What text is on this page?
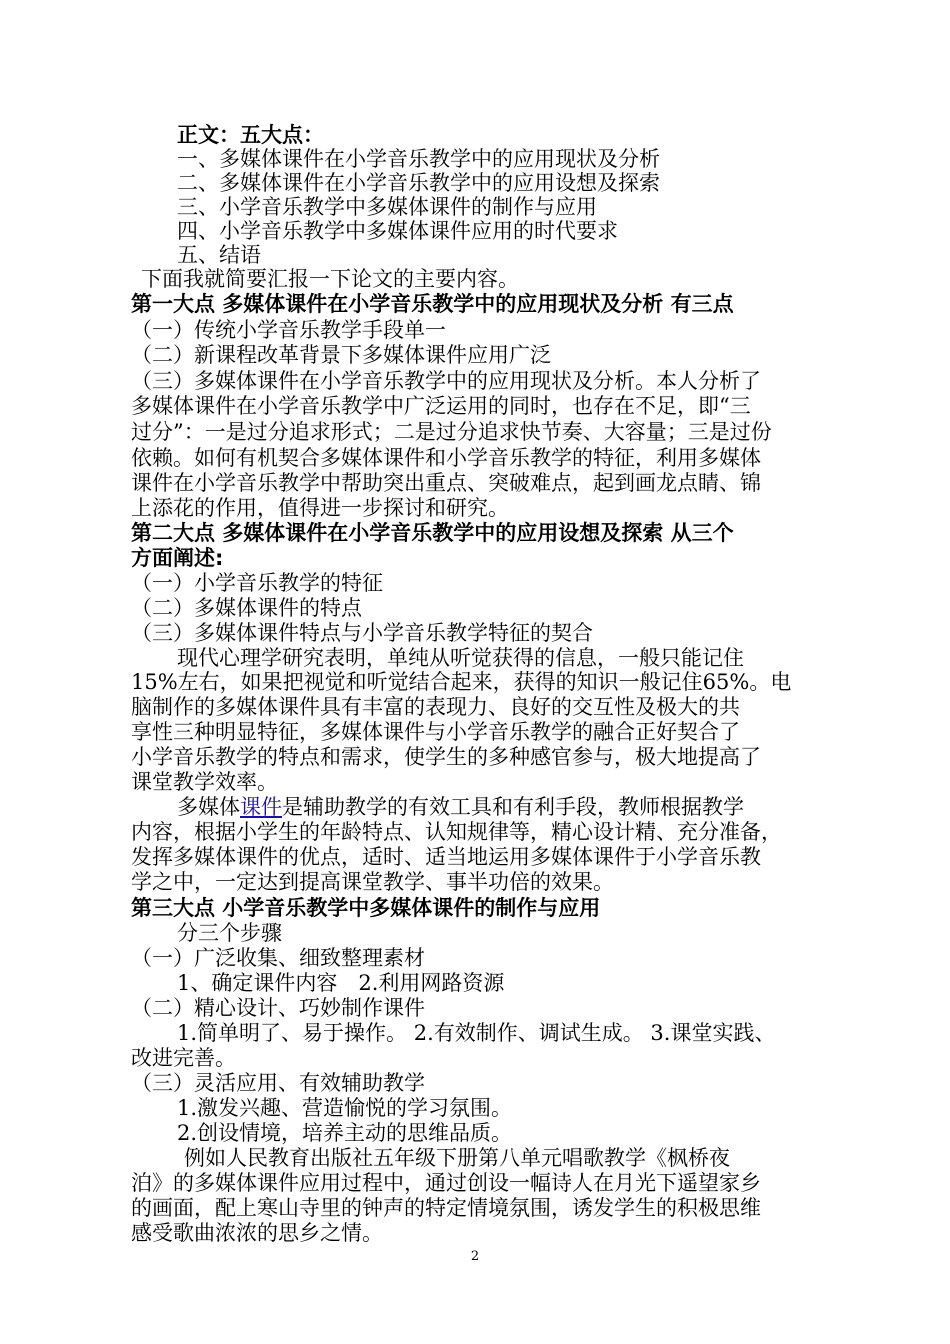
正文：五大点：
一、多媒体课件在小学音乐教学中的应用现状及分析
二、多媒体课件在小学音乐教学中的应用设想及探索
三、小学音乐教学中多媒体课件的制作与应用
四、小学音乐教学中多媒体课件应用的时代要求
五、结语
下面我就简要汇报一下论文的主要内容。
第一大点 多媒体课件在小学音乐教学中的应用现状及分析 有三点
（一）传统小学音乐教学手段单一
（二）新课程改革背景下多媒体课件应用广泛
（三）多媒体课件在小学音乐教学中的应用现状及分析。本人分析了
多媒体课件在小学音乐教学中广泛运用的同时，也存在不足，即“三
过分”：一是过分追求形式；二是过分追求快节奏、大容量；三是过份
依赖。如何有机契合多媒体课件和小学音乐教学的特征，利用多媒体
课件在小学音乐教学中帮助突出重点、突破难点，起到画龙点睛、锦
上添花的作用，值得进一步探讨和研究。
第二大点 多媒体课件在小学音乐教学中的应用设想及探索 从三个
方面阐述:
（一）小学音乐教学的特征
（二）多媒体课件的特点
（三）多媒体课件特点与小学音乐教学特征的契合
现代心理学研究表明，单纯从听觉获得的信息，一般只能记住
15%左右，如果把视觉和听觉结合起来，获得的知识一般记住65%。电
脑制作的多媒体课件具有丰富的表现力、良好的交互性及极大的共
享性三种明显特征，多媒体课件与小学音乐教学的融合正好契合了
小学音乐教学的特点和需求，使学生的多种感官参与，极大地提高了
课堂教学效率。
多媒体课件是辅助教学的有效工具和有利手段，教师根据教学
内容，根据小学生的年龄特点、认知规律等，精心设计精、充分准备，
发挥多媒体课件的优点，适时、适当地运用多媒体课件于小学音乐教
学之中，一定达到提高课堂教学、事半功倍的效果。
第三大点 小学音乐教学中多媒体课件的制作与应用
分三个步骤
（一）广泛收集、细致整理素材
1、确定课件内容　2.利用网路资源
（二）精心设计、巧妙制作课件
1.简单明了、易于操作。 2.有效制作、调试生成。 3.课堂实践、
改进完善。
（三）灵活应用、有效辅助教学
1.激发兴趣、营造愉悦的学习氛围。
2.创设情境，培养主动的思维品质。
例如人民教育出版社五年级下册第八单元唱歌教学《枫桥夜
泊》的多媒体课件应用过程中，通过创设一幅诗人在月光下遥望家乡
的画面，配上寒山寺里的钟声的特定情境氛围，诱发学生的积极思维
感受歌曲浓浓的思乡之情。
2
